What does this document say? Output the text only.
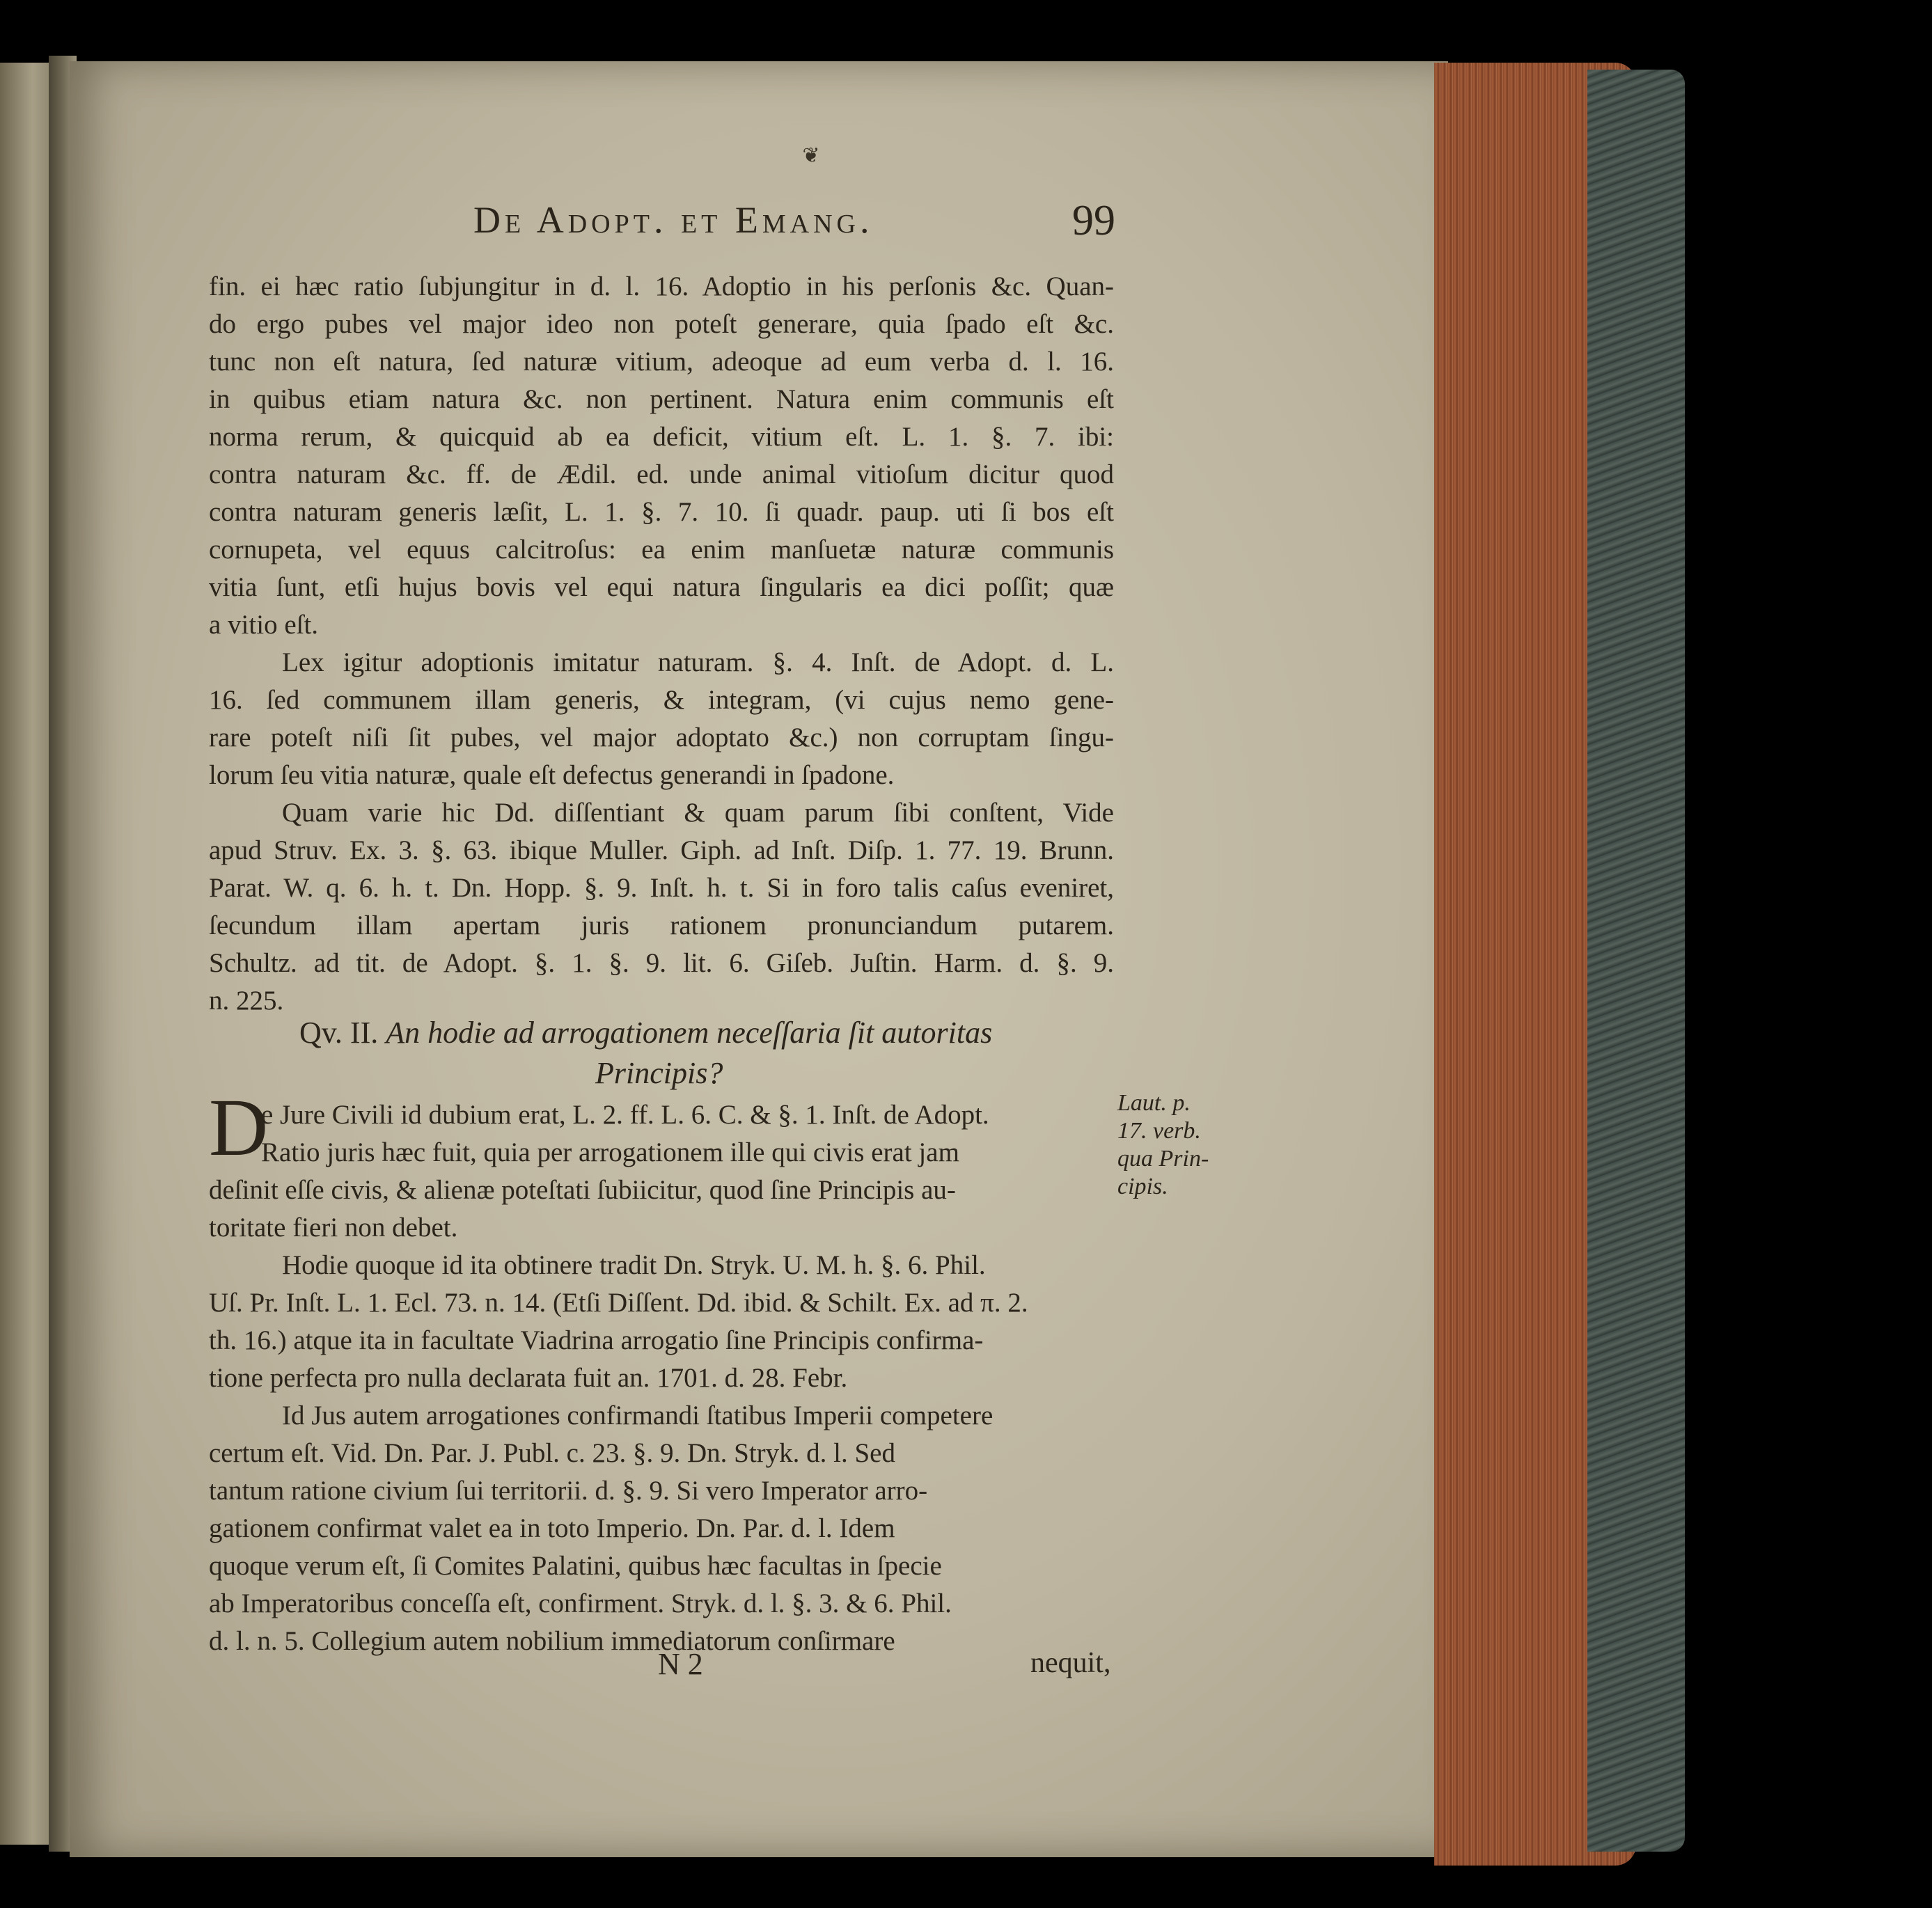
❦
De Adopt. et Emang.	99
fin. ei hæc ratio ſubjungitur in d. l. 16. Adoptio in his perſonis &c. Quan-
do ergo pubes vel major ideo non poteſt generare, quia ſpado eſt &c.
tunc non eſt natura, ſed naturæ vitium, adeoque ad eum verba d. l. 16.
in quibus etiam natura &c. non pertinent. Natura enim communis eſt
norma rerum, & quicquid ab ea deficit, vitium eſt. L. 1. §. 7. ibi:
contra naturam &c. ff. de Ædil. ed. unde animal vitioſum dicitur quod
contra naturam generis læſit, L. 1. §. 7. 10. ſi quadr. paup. uti ſi bos eſt
cornupeta, vel equus calcitroſus: ea enim manſuetæ naturæ communis
vitia ſunt, etſi hujus bovis vel equi natura ſingularis ea dici poſſit; quæ
a vitio eſt.
Lex igitur adoptionis imitatur naturam. §. 4. Inſt. de Adopt. d. L.
16. ſed communem illam generis, & integram, (vi cujus nemo gene-
rare poteſt niſi ſit pubes, vel major adoptato &c.) non corruptam ſingu-
lorum ſeu vitia naturæ, quale eſt defectus generandi in ſpadone.
Quam varie hic Dd. diſſentiant & quam parum ſibi conſtent, Vide
apud Struv. Ex. 3. §. 63. ibique Muller. Giph. ad Inſt. Diſp. 1. 77. 19. Brunn.
Parat. W. q. 6. h. t. Dn. Hopp. §. 9. Inſt. h. t. Si in foro talis caſus eveniret,
ſecundum illam apertam juris rationem pronunciandum putarem.
Schultz. ad tit. de Adopt. §. 1. §. 9. lit. 6. Giſeb. Juſtin. Harm. d. §. 9.
n. 225.
Qv. II. An hodie ad arrogationem neceſſaria ſit autoritas
Principis?
D
e Jure Civili id dubium erat, L. 2. ff. L. 6. C. & §. 1. Inſt. de Adopt.
Ratio juris hæc fuit, quia per arrogationem ille qui civis erat jam
deſinit eſſe civis, & alienæ poteſtati ſubiicitur, quod ſine Principis au-
toritate fieri non debet.
Hodie quoque id ita obtinere tradit Dn. Stryk. U. M. h. §. 6. Phil.
Uſ. Pr. Inſt. L. 1. Ecl. 73. n. 14. (Etſi Diſſent. Dd. ibid. & Schilt. Ex. ad π. 2.
th. 16.) atque ita in facultate Viadrina arrogatio ſine Principis confirma-
tione perfecta pro nulla declarata fuit an. 1701. d. 28. Febr.
Id Jus autem arrogationes confirmandi ſtatibus Imperii competere
certum eſt. Vid. Dn. Par. J. Publ. c. 23. §. 9. Dn. Stryk. d. l. Sed
tantum ratione civium ſui territorii. d. §. 9. Si vero Imperator arro-
gationem confirmat valet ea in toto Imperio. Dn. Par. d. l. Idem
quoque verum eſt, ſi Comites Palatini, quibus hæc facultas in ſpecie
ab Imperatoribus conceſſa eſt, confirment. Stryk. d. l. §. 3. & 6. Phil.
d. l. n. 5. Collegium autem nobilium immediatorum conſirmare
Laut. p.
17. verb.
qua Prin-
cipis.
N 2	nequit,
